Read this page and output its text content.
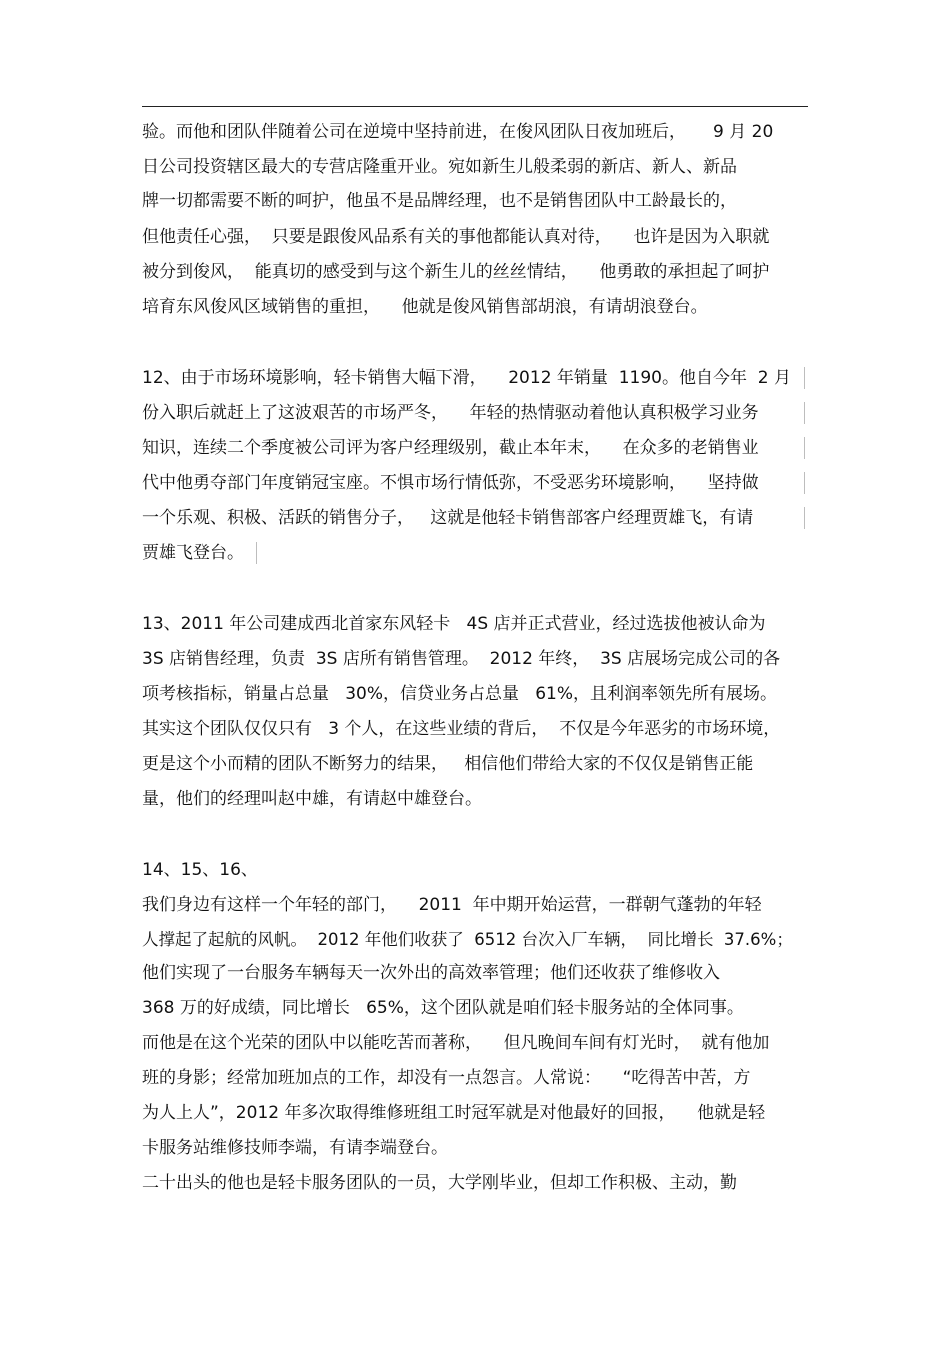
验。而他和团队伴随着公司在逆境中坚持前进，在俊风团队日夜加班后，     9 月 20
日公司投资辖区最大的专营店隆重开业。宛如新生儿般柔弱的新店、新人、新品
牌一切都需要不断的呵护，他虽不是品牌经理，也不是销售团队中工龄最长的，
但他责任心强，  只要是跟俊风品系有关的事他都能认真对待，    也许是因为入职就
被分到俊风，  能真切的感受到与这个新生儿的丝丝情结，    他勇敢的承担起了呵护
培育东风俊风区域销售的重担，    他就是俊风销售部胡浪，有请胡浪登台。
12、由于市场环境影响，轻卡销售大幅下滑，    2012 年销量  1190。他自今年  2 月
份入职后就赶上了这波艰苦的市场严冬，    年轻的热情驱动着他认真积极学习业务
知识，连续二个季度被公司评为客户经理级别，截止本年末，    在众多的老销售业
代中他勇夺部门年度销冠宝座。不惧市场行情低弥，不受恶劣环境影响，    坚持做
一个乐观、积极、活跃的销售分子，   这就是他轻卡销售部客户经理贾雄飞，有请
贾雄飞登台。
13、2011 年公司建成西北首家东风轻卡   4S 店并正式营业，经过选拔他被认命为
3S 店销售经理，负责  3S 店所有销售管理。  2012 年终，  3S 店展场完成公司的各
项考核指标，销量占总量   30%，信贷业务占总量   61%，且利润率领先所有展场。
其实这个团队仅仅只有   3 个人，在这些业绩的背后，  不仅是今年恶劣的市场环境，
更是这个小而精的团队不断努力的结果，   相信他们带给大家的不仅仅是销售正能
量，他们的经理叫赵中雄，有请赵中雄登台。
14、15、16、
我们身边有这样一个年轻的部门，    2011  年中期开始运营，一群朝气蓬勃的年轻
人撑起了起航的风帆。  2012 年他们收获了  6512 台次入厂车辆，  同比增长  37.6%；
他们实现了一台服务车辆每天一次外出的高效率管理；他们还收获了维修收入
368 万的好成绩，同比增长   65%，这个团队就是咱们轻卡服务站的全体同事。
而他是在这个光荣的团队中以能吃苦而著称，    但凡晚间车间有灯光时，  就有他加
班的身影；经常加班加点的工作，却没有一点怨言。人常说：    “吃得苦中苦，方
为人上人”，2012 年多次取得维修班组工时冠军就是对他最好的回报，    他就是轻
卡服务站维修技师李端，有请李端登台。
二十出头的他也是轻卡服务团队的一员，大学刚毕业，但却工作积极、主动，勤
